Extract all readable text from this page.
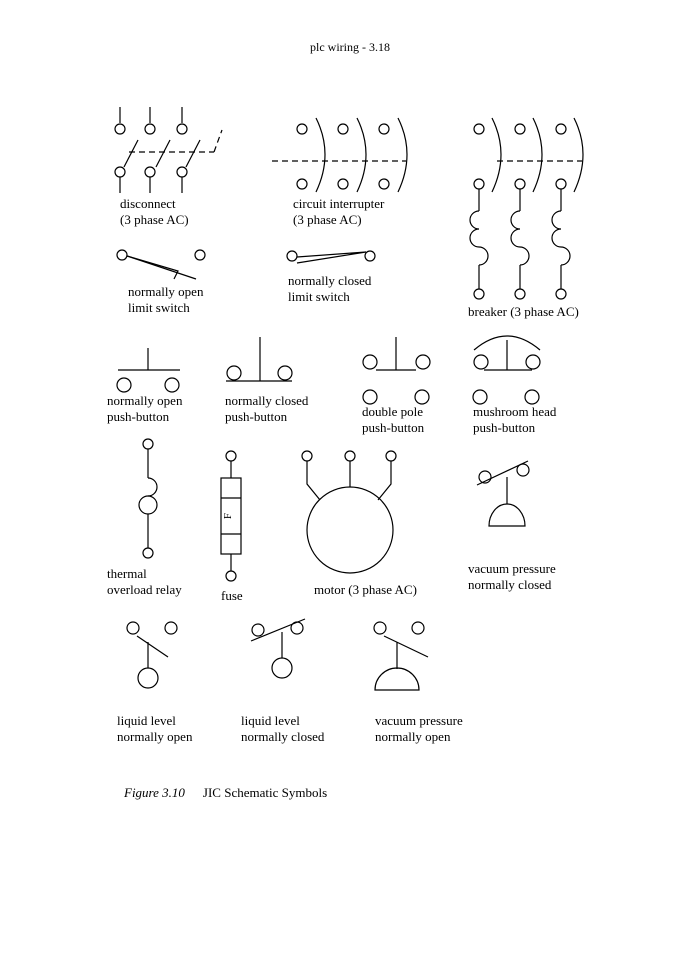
plc wiring - 3.18
F
disconnect
(3 phase AC)
circuit interrupter
(3 phase AC)
breaker (3 phase AC)
normally open
limit switch
normally closed
limit switch
normally open
push-button
normally closed
push-button	double pole
push-button
mushroom head
push-button
thermal
overload relay	fuse	motor (3 phase AC)
vacuum pressure
normally closed
liquid level
normally open
liquid level
normally closed
vacuum pressure
normally open
Figure 3.10 JIC Schematic Symbols
